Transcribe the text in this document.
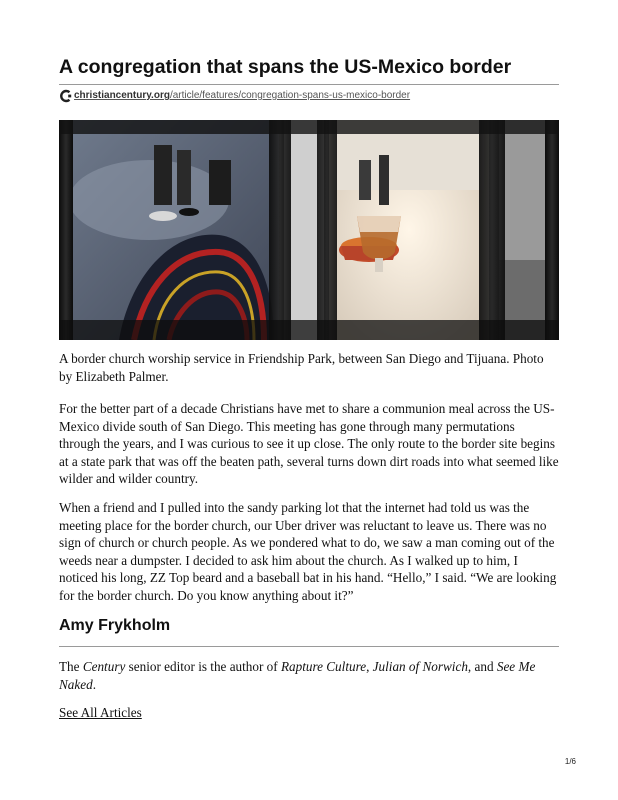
A congregation that spans the US-Mexico border
christiancentury.org/article/features/congregation-spans-us-mexico-border

A border church worship service in Friendship Park, between San Diego and Tijuana. Photo by Elizabeth Palmer.

For the better part of a decade Christians have met to share a communion meal across the US-Mexico divide south of San Diego. This meeting has gone through many permutations through the years, and I was curious to see it up close. The only route to the border site begins at a state park that was off the beaten path, several turns down dirt roads into what seemed like wilder and wilder country.

When a friend and I pulled into the sandy parking lot that the internet had told us was the meeting place for the border church, our Uber driver was reluctant to leave us. There was no sign of church or church people. As we pondered what to do, we saw a man coming out of the weeds near a dumpster. I decided to ask him about the church. As I walked up to him, I noticed his long, ZZ Top beard and a baseball bat in his hand. “Hello,” I said. “We are looking for the border church. Do you know anything about it?”

Amy Frykholm

The Century senior editor is the author of Rapture Culture, Julian of Norwich, and See Me Naked.

See All Articles
1/6
